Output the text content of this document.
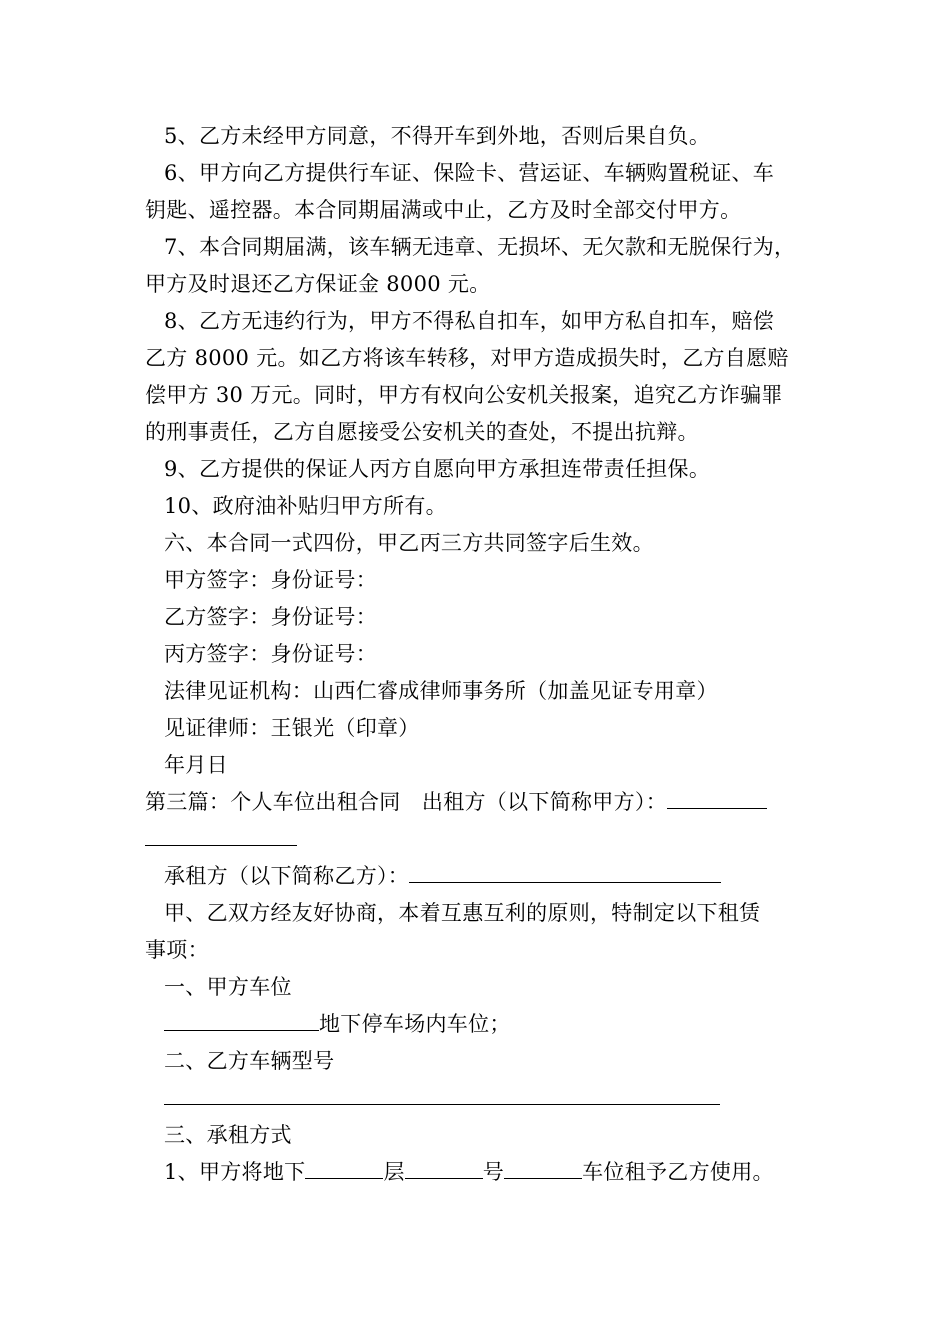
5、乙方未经甲方同意，不得开车到外地，否则后果自负。
6、甲方向乙方提供行车证、保险卡、营运证、车辆购置税证、车
钥匙、遥控器。本合同期届满或中止，乙方及时全部交付甲方。
7、本合同期届满，该车辆无违章、无损坏、无欠款和无脱保行为，
甲方及时退还乙方保证金 8000 元。
8、乙方无违约行为，甲方不得私自扣车，如甲方私自扣车，赔偿
乙方 8000 元。如乙方将该车转移，对甲方造成损失时，乙方自愿赔
偿甲方 30 万元。同时，甲方有权向公安机关报案，追究乙方诈骗罪
的刑事责任，乙方自愿接受公安机关的查处，不提出抗辩。
9、乙方提供的保证人丙方自愿向甲方承担连带责任担保。
10、政府油补贴归甲方所有。
六、本合同一式四份，甲乙丙三方共同签字后生效。
甲方签字：身份证号：
乙方签字：身份证号：
丙方签字：身份证号：
法律见证机构：山西仁睿成律师事务所（加盖见证专用章）
见证律师：王银光（印章）
年月日
第三篇：个人车位出租合同　出租方（以下简称甲方）：
承租方（以下简称乙方）：
甲、乙双方经友好协商，本着互惠互利的原则，特制定以下租赁
事项：
一、甲方车位
地下停车场内车位；
二、乙方车辆型号
三、承租方式
1、甲方将地下	层	号	车位租予乙方使用。
